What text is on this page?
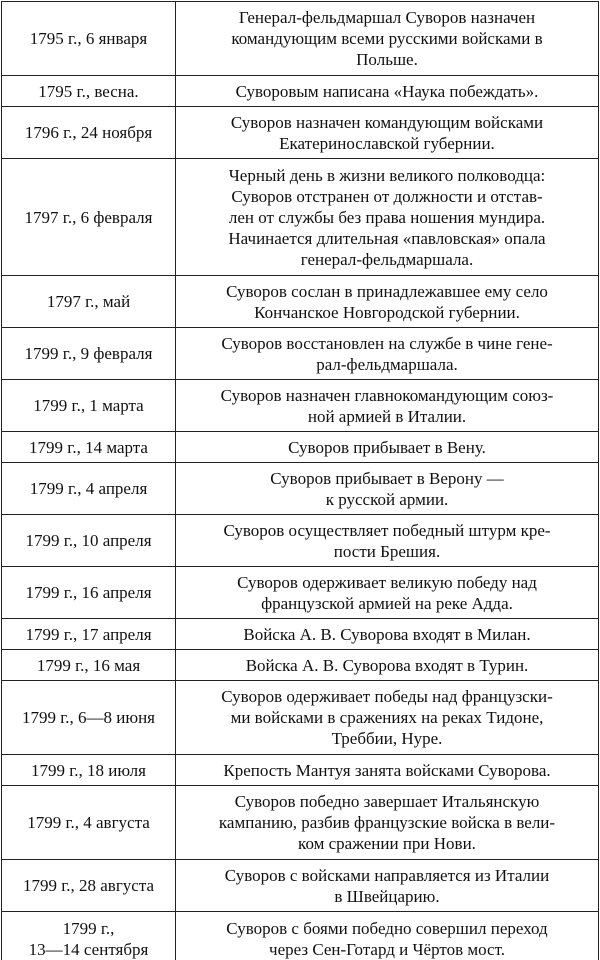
1795 г., 6 января	Генерал-фельдмаршал Суворов назначен
командующим всеми русскими войсками в
Польше.
1795 г., весна.	Суворовым написана «Наука побеждать».
1796 г., 24 ноября	Суворов назначен командующим войсками
Екатеринославской губернии.
1797 г., 6 февраля	Черный день в жизни великого полководца:
Суворов отстранен от должности и отстав-
лен от службы без права ношения мундира.
Начинается длительная «павловская» опала
генерал-фельдмаршала.
1797 г., май	Суворов сослан в принадлежавшее ему село
Кончанское Новгородской губернии.
1799 г., 9 февраля	Суворов восстановлен на службе в чине гене-
рал-фельдмаршала.
1799 г., 1 марта	Суворов назначен главнокомандующим союз-
ной армией в Италии.
1799 г., 14 марта	Суворов прибывает в Вену.
1799 г., 4 апреля	Суворов прибывает в Верону —
к русской армии.
1799 г., 10 апреля	Суворов осуществляет победный штурм кре-
пости Брешия.
1799 г., 16 апреля	Суворов одерживает великую победу над
французской армией на реке Адда.
1799 г., 17 апреля	Войска А. В. Суворова входят в Милан.
1799 г., 16 мая	Войска А. В. Суворова входят в Турин.
1799 г., 6—8 июня	Суворов одерживает победы над французски-
ми войсками в сражениях на реках Тидоне,
Треббии, Нуре.
1799 г., 18 июля	Крепость Мантуя занята войсками Суворова.
1799 г., 4 августа	Суворов победно завершает Итальянскую
кампанию, разбив французские войска в вели-
ком сражении при Нови.
1799 г., 28 августа	Суворов с войсками направляется из Италии
в Швейцарию.
1799 г.,
13—14 сентября	Суворов с боями победно совершил переход
через Сен-Готард и Чёртов мост.
